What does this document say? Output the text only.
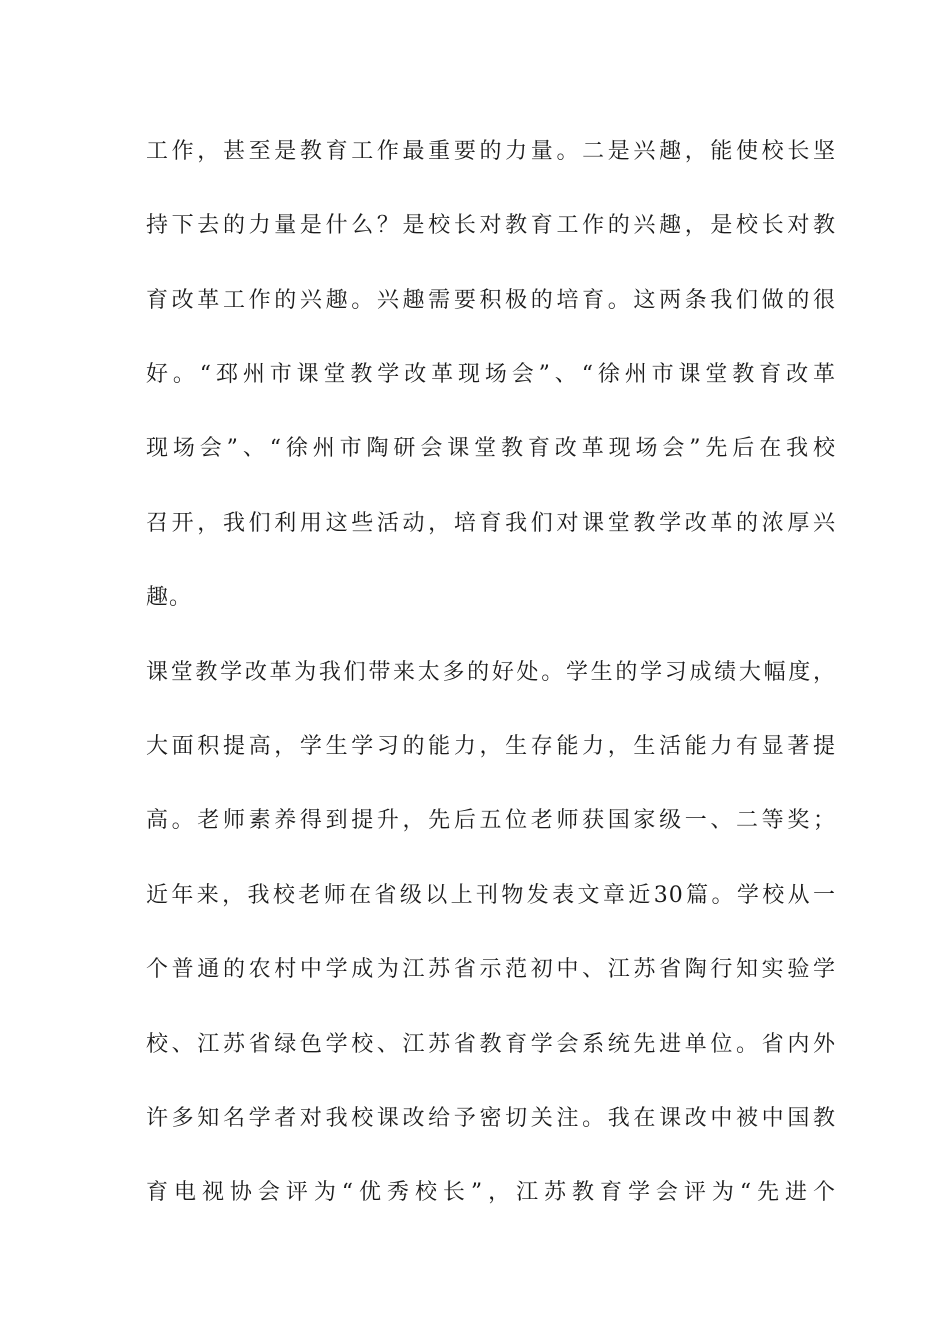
工作，甚至是教育工作最重要的力量。二是兴趣，能使校长坚
持下去的力量是什么？是校长对教育工作的兴趣，是校长对教
育改革工作的兴趣。兴趣需要积极的培育。这两条我们做的很
好。“邳州市课堂教学改革现场会”、“徐州市课堂教育改革
现场会”、“徐州市陶研会课堂教育改革现场会”先后在我校
召开，我们利用这些活动，培育我们对课堂教学改革的浓厚兴
趣。
课堂教学改革为我们带来太多的好处。学生的学习成绩大幅度，
大面积提高，学生学习的能力，生存能力，生活能力有显著提
高。老师素养得到提升，先后五位老师获国家级一、二等奖；
近年来，我校老师在省级以上刊物发表文章近30篇。学校从一
个普通的农村中学成为江苏省示范初中、江苏省陶行知实验学
校、江苏省绿色学校、江苏省教育学会系统先进单位。省内外
许多知名学者对我校课改给予密切关注。我在课改中被中国教
育电视协会评为“优秀校长”，江苏教育学会评为“先进个
